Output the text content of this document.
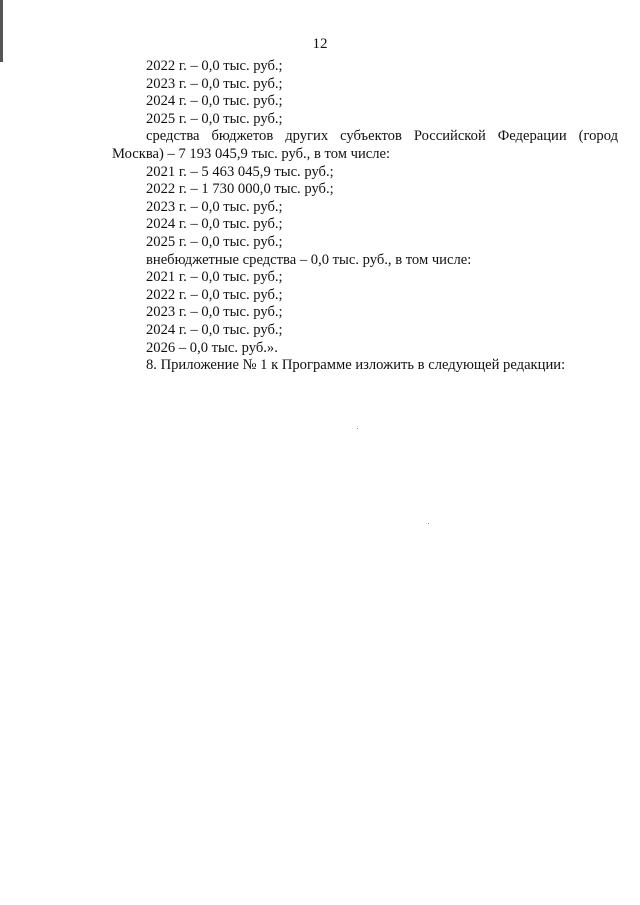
12
2022 г. – 0,0 тыс. руб.;
2023 г. – 0,0 тыс. руб.;
2024 г. – 0,0 тыс. руб.;
2025 г. – 0,0 тыс. руб.;
средства бюджетов других субъектов Российской Федерации (город Москва) – 7 193 045,9 тыс. руб., в том числе:
2021 г. – 5 463 045,9 тыс. руб.;
2022 г. – 1 730 000,0 тыс. руб.;
2023 г. – 0,0 тыс. руб.;
2024 г. – 0,0 тыс. руб.;
2025 г. – 0,0 тыс. руб.;
внебюджетные средства – 0,0 тыс. руб., в том числе:
2021 г. – 0,0 тыс. руб.;
2022 г. – 0,0 тыс. руб.;
2023 г. – 0,0 тыс. руб.;
2024 г. – 0,0 тыс. руб.;
2026 – 0,0 тыс. руб.».
8. Приложение № 1 к Программе изложить в следующей редакции:
